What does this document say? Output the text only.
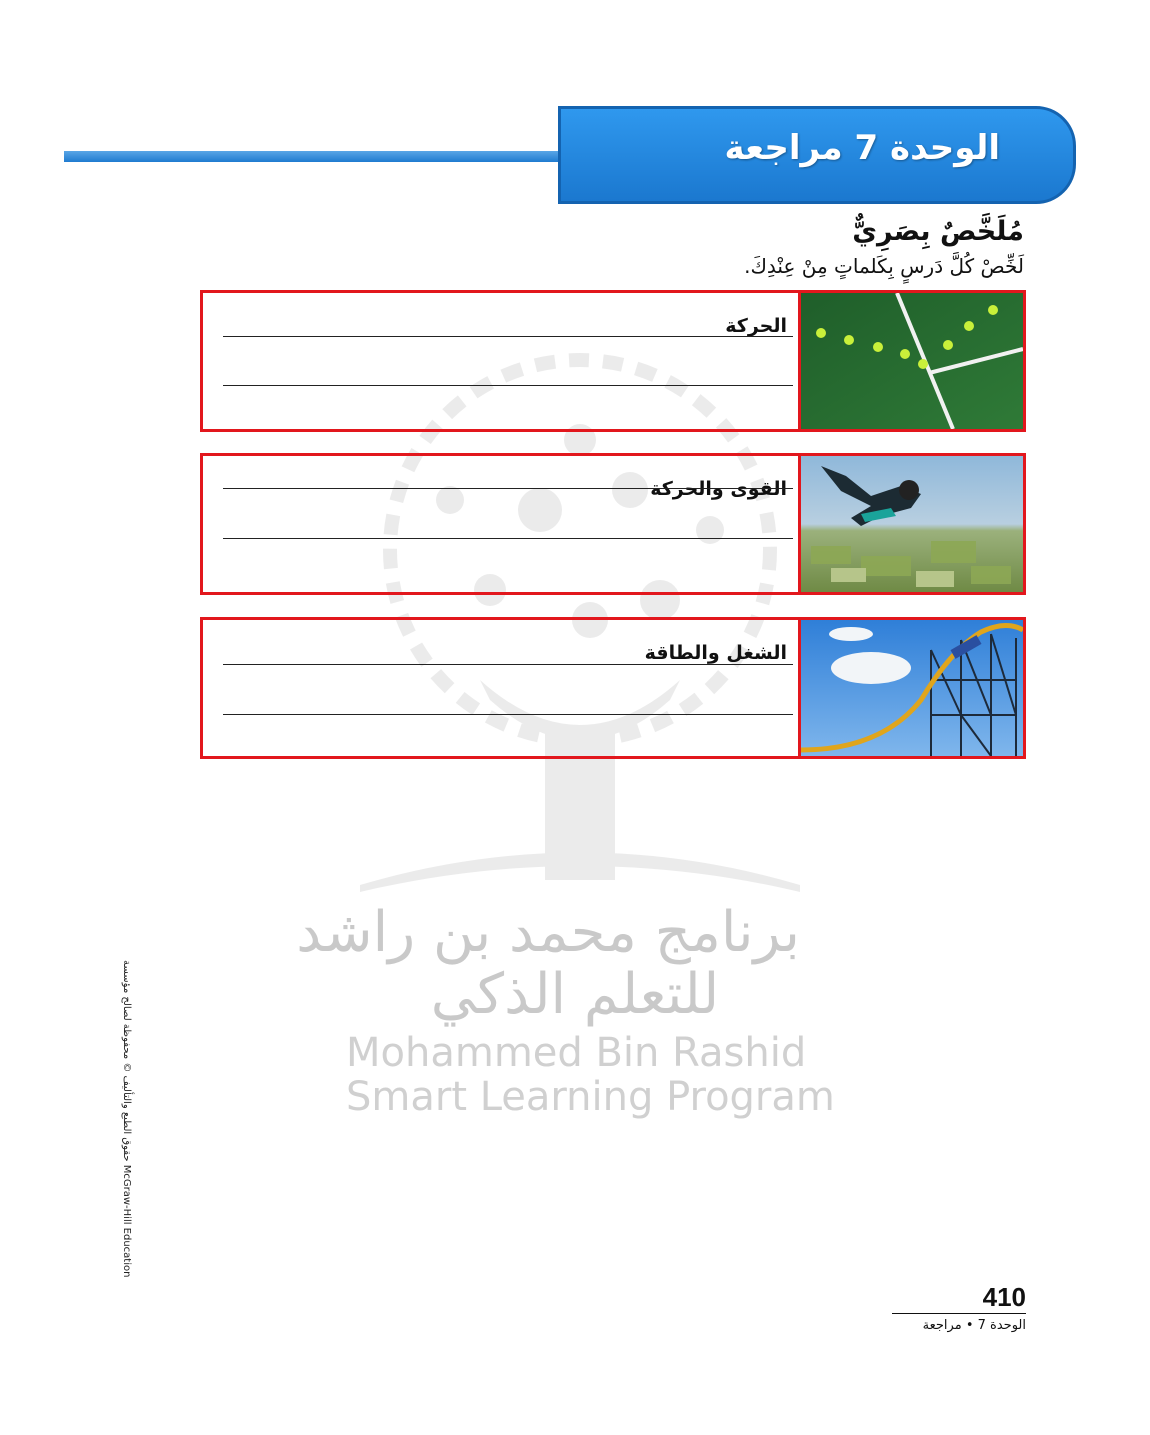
الوحدة 7 مراجعة
مُلَخَّصٌ بِصَرِيٌّ
لَخِّصْ كُلَّ دَرسٍ بِكَلماتٍ مِنْ عِنْدِكَ.
برنامج محمد بن راشد
للتعلم الذكي
Mohammed Bin Rashid
Smart Learning Program
الحركة
القوى والحركة
الشغل والطاقة
حقوق الطبع والتأليف © محفوظة لصالح مؤسسة McGraw-Hill Education
410
الوحدة 7 • مراجعة
